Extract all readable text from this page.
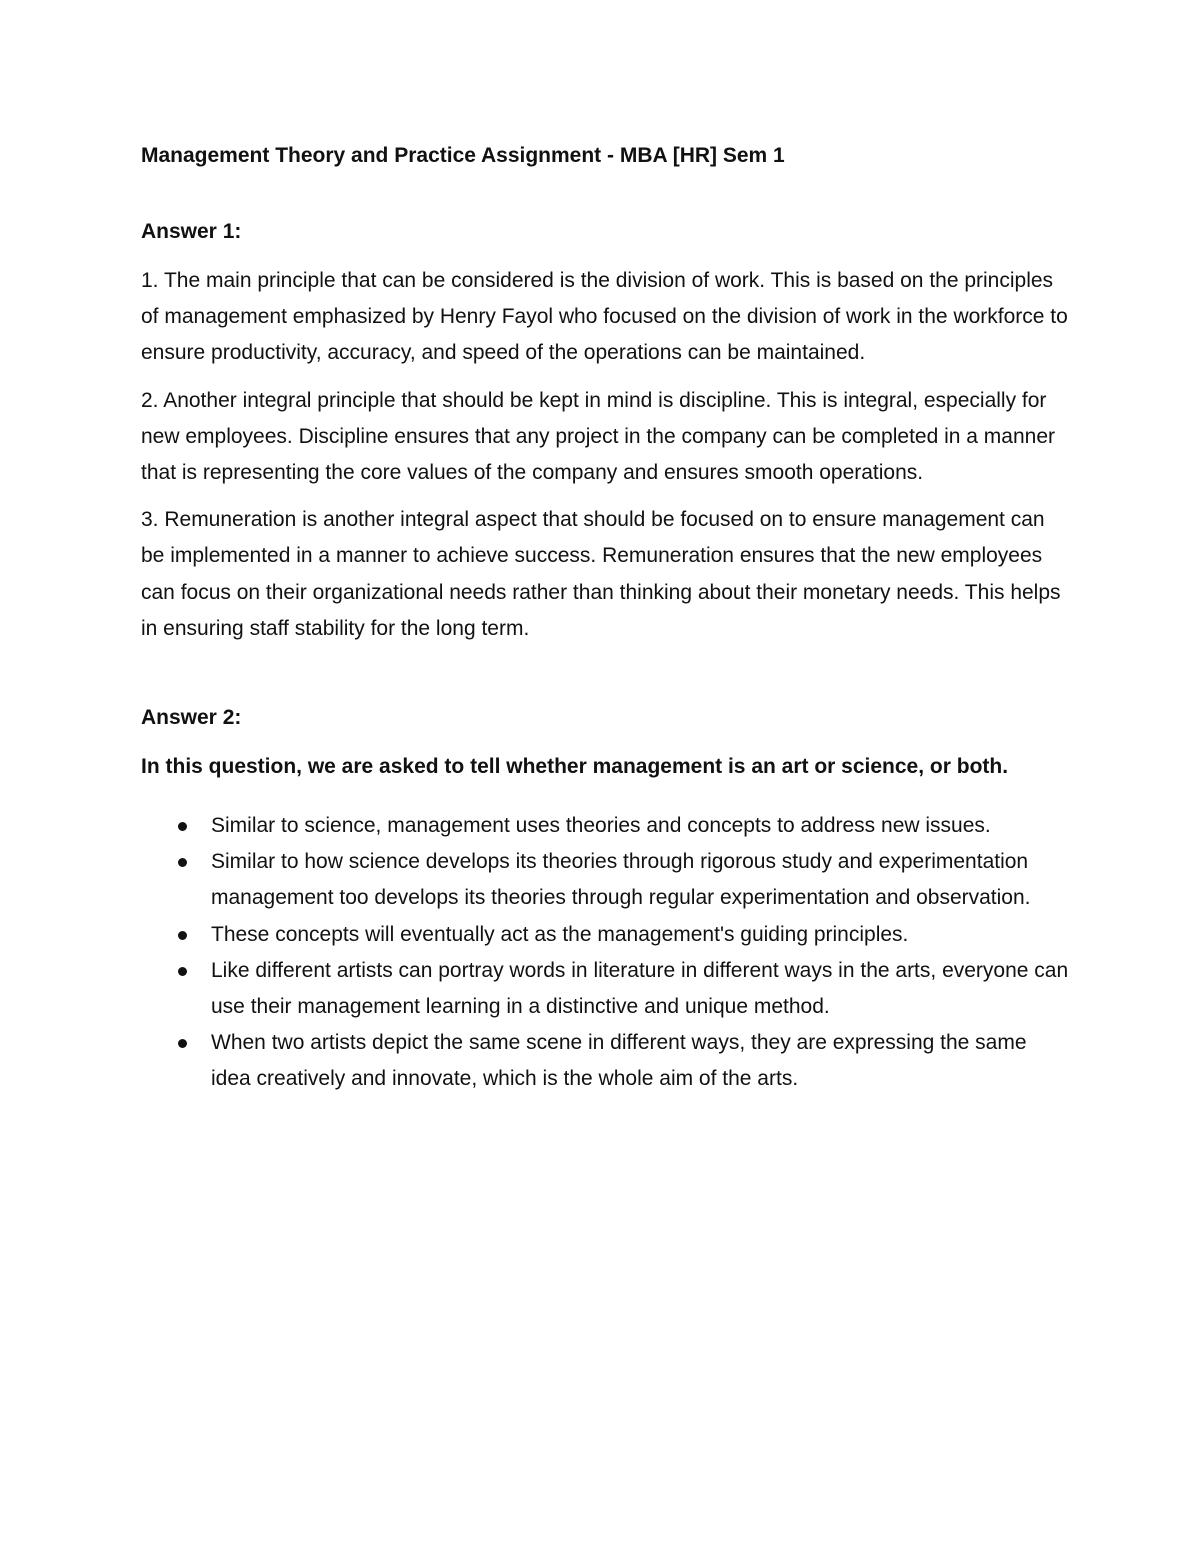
Management Theory and Practice Assignment - MBA [HR] Sem 1
Answer 1:

1. The main principle that can be considered is the division of work. This is based on the principles of management emphasized by Henry Fayol who focused on the division of work in the workforce to ensure productivity, accuracy, and speed of the operations can be maintained.

2. Another integral principle that should be kept in mind is discipline. This is integral, especially for new employees. Discipline ensures that any project in the company can be completed in a manner that is representing the core values of the company and ensures smooth operations.

3. Remuneration is another integral aspect that should be focused on to ensure management can be implemented in a manner to achieve success. Remuneration ensures that the new employees can focus on their organizational needs rather than thinking about their monetary needs. This helps in ensuring staff stability for the long term.

Answer 2:
In this question, we are asked to tell whether management is an art or science, or both.
Similar to science, management uses theories and concepts to address new issues.
Similar to how science develops its theories through rigorous study and experimentation management too develops its theories through regular experimentation and observation.
These concepts will eventually act as the management's guiding principles.
Like different artists can portray words in literature in different ways in the arts, everyone can use their management learning in a distinctive and unique method.
When two artists depict the same scene in different ways, they are expressing the same idea creatively and innovate, which is the whole aim of the arts.
